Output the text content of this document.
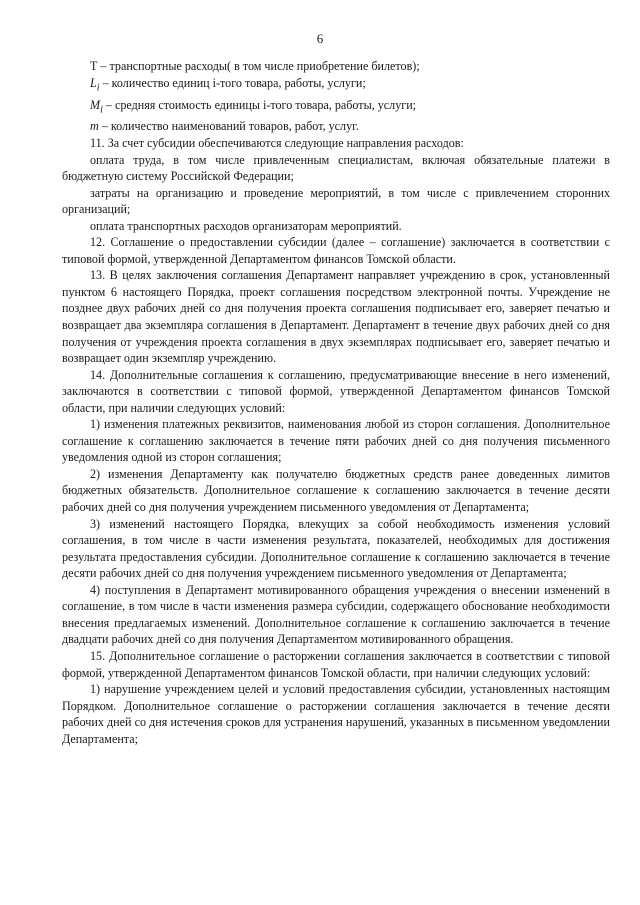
6

Т – транспортные расходы( в том числе приобретение билетов);

$L_i$ – количество единиц i-того товара, работы, услуги;

$M_i$ – средняя стоимость единицы i-того товара, работы, услуги;

m – количество наименований товаров, работ, услуг.

11. За счет субсидии обеспечиваются следующие направления расходов:

оплата труда, в том числе привлеченным специалистам, включая обязательные платежи в бюджетную систему Российской Федерации;

затраты на организацию и проведение мероприятий, в том числе с привлечением сторонних организаций;

оплата транспортных расходов организаторам мероприятий.

12. Соглашение о предоставлении субсидии (далее – соглашение) заключается в соответствии с типовой формой, утвержденной Департаментом финансов Томской области.

13. В целях заключения соглашения Департамент направляет учреждению в срок, установленный пунктом 6 настоящего Порядка, проект соглашения посредством электронной почты. Учреждение не позднее двух рабочих дней со дня получения проекта соглашения подписывает его, заверяет печатью и возвращает два экземпляра соглашения в Департамент. Департамент в течение двух рабочих дней со дня получения от учреждения проекта соглашения в двух экземплярах подписывает его, заверяет печатью и возвращает один экземпляр учреждению.

14. Дополнительные соглашения к соглашению, предусматривающие внесение в него изменений, заключаются в соответствии с типовой формой, утвержденной Департаментом финансов Томской области, при наличии следующих условий:

1) изменения платежных реквизитов, наименования любой из сторон соглашения. Дополнительное соглашение к соглашению заключается в течение пяти рабочих дней со дня получения письменного уведомления одной из сторон соглашения;

2) изменения Департаменту как получателю бюджетных средств ранее доведенных лимитов бюджетных обязательств. Дополнительное соглашение к соглашению заключается в течение десяти рабочих дней со дня получения учреждением письменного уведомления от Департамента;

3) изменений настоящего Порядка, влекущих за собой необходимость изменения условий соглашения, в том числе в части изменения результата, показателей, необходимых для достижения результата предоставления субсидии. Дополнительное соглашение к соглашению заключается в течение десяти рабочих дней со дня получения учреждением письменного уведомления от Департамента;

4) поступления в Департамент мотивированного обращения учреждения о внесении изменений в соглашение, в том числе в части изменения размера субсидии, содержащего обоснование необходимости внесения предлагаемых изменений. Дополнительное соглашение к соглашению заключается в течение двадцати рабочих дней со дня получения Департаментом мотивированного обращения.

15. Дополнительное соглашение о расторжении соглашения заключается в соответствии с типовой формой, утвержденной Департаментом финансов Томской области, при наличии следующих условий:

1) нарушение учреждением целей и условий предоставления субсидии, установленных настоящим Порядком. Дополнительное соглашение о расторжении соглашения заключается в течение десяти рабочих дней со дня истечения сроков для устранения нарушений, указанных в письменном уведомлении Департамента;
